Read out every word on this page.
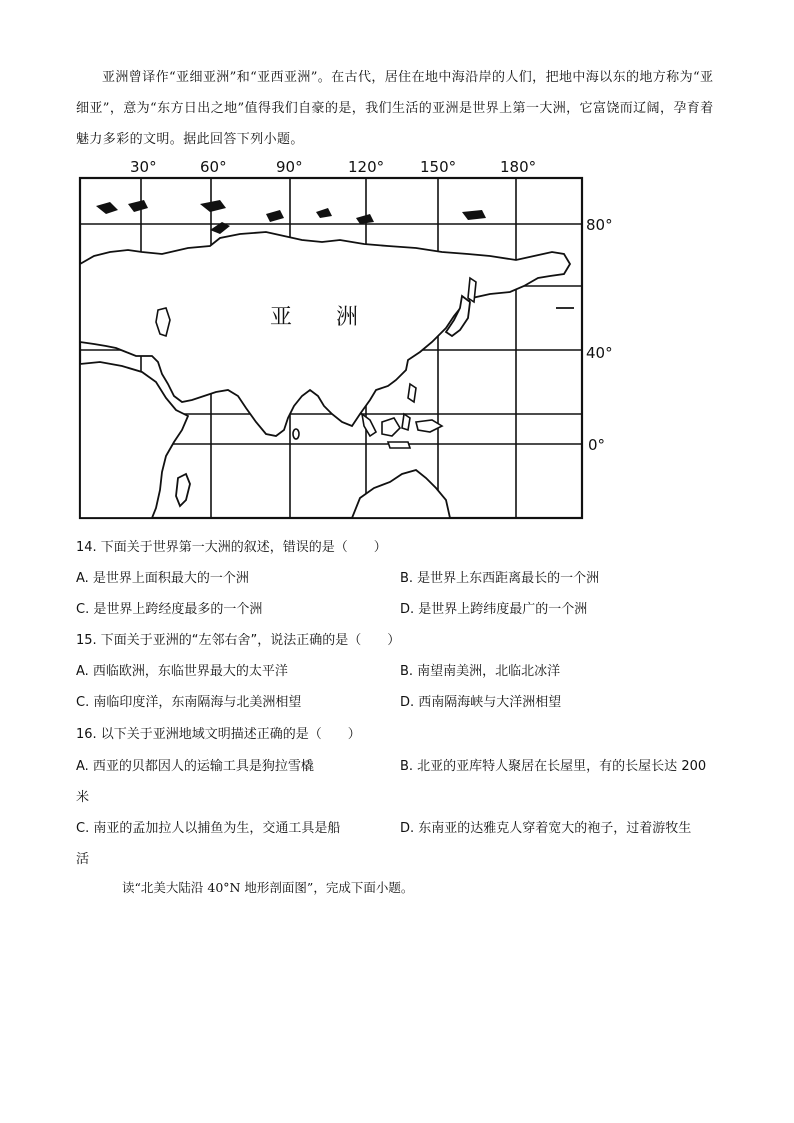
亚洲曾译作“亚细亚洲”和“亚西亚洲”。在古代，居住在地中海沿岸的人们，把地中海以东的地方称为“亚细亚”，意为“东方日出之地”值得我们自豪的是，我们生活的亚洲是世界上第一大洲，它富饶而辽阔，孕育着魅力多彩的文明。据此回答下列小题。
30°	60°	90°	120° 150°	180°
80°
40°
0°
亚　　洲
14. 下面关于世界第一大洲的叙述，错误的是（　　）
A. 是世界上面积最大的一个洲	B. 是世界上东西距离最长的一个洲
C. 是世界上跨经度最多的一个洲	D. 是世界上跨纬度最广的一个洲
15. 下面关于亚洲的“左邻右舍”，说法正确的是（　　）
A. 西临欧洲，东临世界最大的太平洋	B. 南望南美洲，北临北冰洋
C. 南临印度洋，东南隔海与北美洲相望	D. 西南隔海峡与大洋洲相望
16. 以下关于亚洲地域文明描述正确的是（　　）
A. 西亚的贝都因人的运输工具是狗拉雪橇	B. 北亚的亚库特人聚居在长屋里，有的长屋长达 200
米
C. 南亚的孟加拉人以捕鱼为生，交通工具是船	D. 东南亚的达雅克人穿着宽大的袍子，过着游牧生
活
读“北美大陆沿 40°N 地形剖面图”，完成下面小题。
